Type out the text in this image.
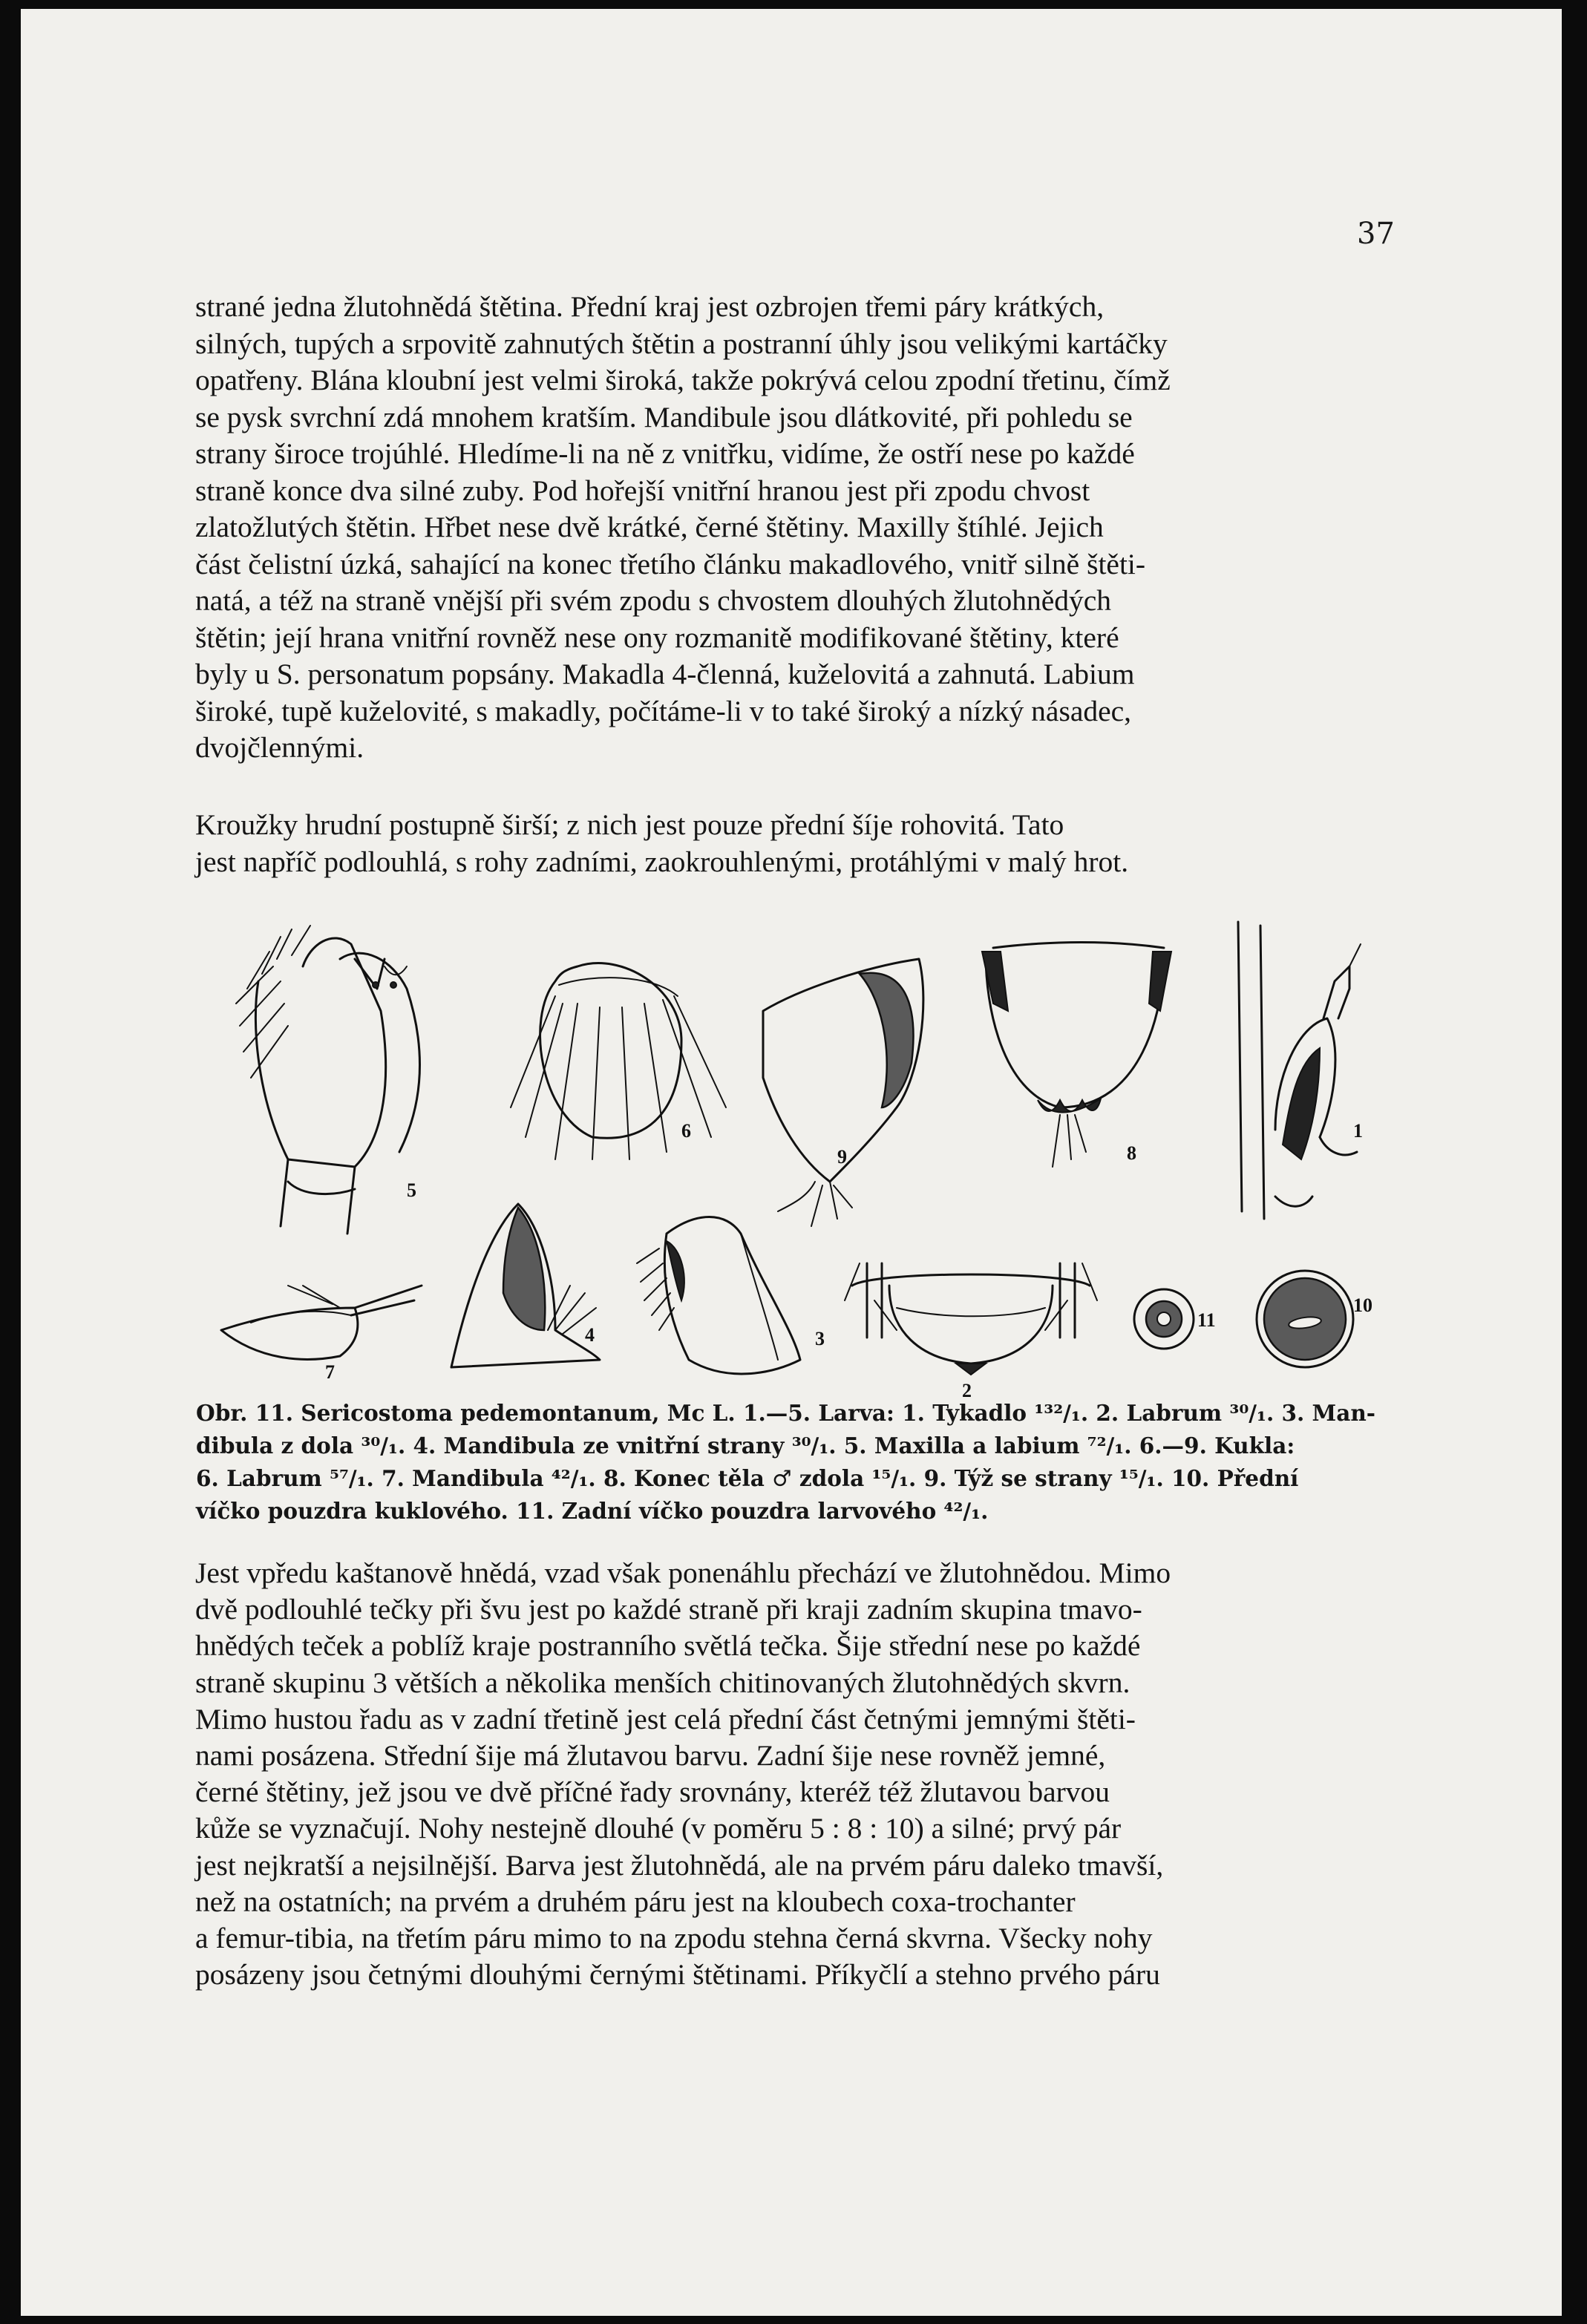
37

strané jedna žlutohnědá štětina. Přední kraj jest ozbrojen třemi páry krátkých,
silných, tupých a srpovitě zahnutých štětin a postranní úhly jsou velikými kartáčky
opatřeny. Blána kloubní jest velmi široká, takže pokrývá celou zpodní třetinu, čímž
se pysk svrchní zdá mnohem kratším. Mandibule jsou dlátkovité, při pohledu se
strany široce trojúhlé. Hledíme-li na ně z vnitřku, vidíme, že ostří nese po každé
straně konce dva silné zuby. Pod hořejší vnitřní hranou jest při zpodu chvost
zlatožlutých štětin. Hřbet nese dvě krátké, černé štětiny. Maxilly štíhlé. Jejich
část čelistní úzká, sahající na konec třetího článku makadlového, vnitř silně štěti-
natá, a též na straně vnější při svém zpodu s chvostem dlouhých žlutohnědých
štětin; její hrana vnitřní rovněž nese ony rozmanitě modifikované štětiny, které
byly u S. personatum popsány. Makadla 4-členná, kuželovitá a zahnutá. Labium
široké, tupě kuželovité, s makadly, počítáme-li v to také široký a nízký násadec,
dvojčlennými.

Kroužky hrudní postupně širší; z nich jest pouze přední šíje rohovitá. Tato
jest napříč podlouhlá, s rohy zadními, zaokrouhlenými, protáhlými v malý hrot.

5
6
9	8
1
7
4	3
2
11
10

Obr. 11. Sericostoma pedemontanum, Mc L. 1.—5. Larva: 1. Tykadlo ¹³²/₁. 2. Labrum ³⁰/₁. 3. Man-
dibula z dola ³⁰/₁. 4. Mandibula ze vnitřní strany ³⁰/₁. 5. Maxilla a labium ⁷²/₁. 6.—9. Kukla:
6. Labrum ⁵⁷/₁. 7. Mandibula ⁴²/₁. 8. Konec těla ♂ zdola ¹⁵/₁. 9. Týž se strany ¹⁵/₁. 10. Přední
víčko pouzdra kuklového. 11. Zadní víčko pouzdra larvového ⁴²/₁.

Jest vpředu kaštanově hnědá, vzad však ponenáhlu přechází ve žlutohnědou. Mimo
dvě podlouhlé tečky při švu jest po každé straně při kraji zadním skupina tmavo-
hnědých teček a poblíž kraje postranního světlá tečka. Šije střední nese po každé
straně skupinu 3 větších a několika menších chitinovaných žlutohnědých skvrn.
Mimo hustou řadu as v zadní třetině jest celá přední část četnými jemnými štěti-
nami posázena. Střední šije má žlutavou barvu. Zadní šije nese rovněž jemné,
černé štětiny, jež jsou ve dvě příčné řady srovnány, kteréž též žlutavou barvou
kůže se vyznačují. Nohy nestejně dlouhé (v poměru 5 : 8 : 10) a silné; prvý pár
jest nejkratší a nejsilnější. Barva jest žlutohnědá, ale na prvém páru daleko tmavší,
než na ostatních; na prvém a druhém páru jest na kloubech coxa-trochanter
a femur-tibia, na třetím páru mimo to na zpodu stehna černá skvrna. Všecky nohy
posázeny jsou četnými dlouhými černými štětinami. Příkyčlí a stehno prvého páru
